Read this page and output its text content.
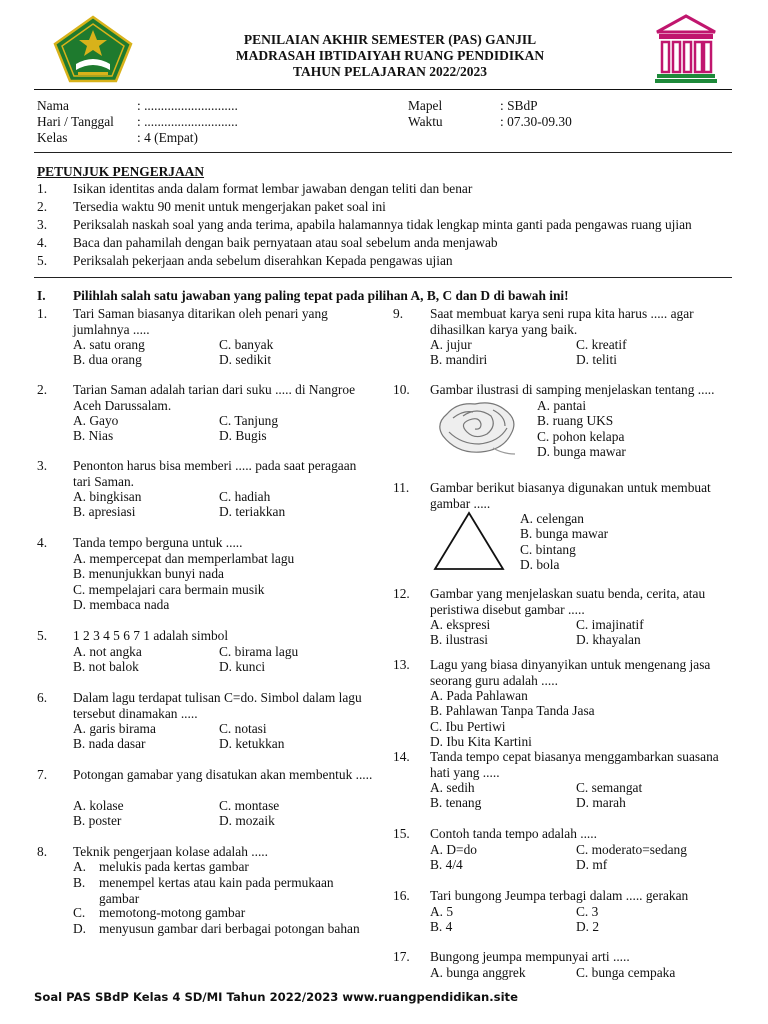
PENILAIAN AKHIR SEMESTER (PAS) GANJIL
MADRASAH IBTIDAIYAH RUANG PENDIDIKAN
TAHUN PELAJARAN 2022/2023
Nama	: ............................
Hari / Tanggal : ............................
Kelas	: 4 (Empat)
Mapel	: SBdP
Waktu	: 07.30-09.30
PETUNJUK PENGERJAAN
1. Isikan identitas anda dalam format lembar jawaban dengan teliti dan benar
2. Tersedia waktu 90 menit untuk mengerjakan paket soal ini
3. Periksalah naskah soal yang anda terima, apabila halamannya tidak lengkap minta ganti pada pengawas ruang ujian
4. Baca dan pahamilah dengan baik pernyataan atau soal sebelum anda menjawab
5. Periksalah pekerjaan anda sebelum diserahkan Kepada pengawas ujian
I. Pilihlah salah satu jawaban yang paling tepat pada pilihan A, B, C dan D di bawah ini!
1. Tari Saman biasanya ditarikan oleh penari yang jumlahnya .....
A. satu orang
B. dua orang
C. banyak
D. sedikit
2. Tarian Saman adalah tarian dari suku ..... di Nangroe Aceh Darussalam.
A. Gayo
B. Nias
C. Tanjung
D. Bugis
3. Penonton harus bisa memberi ..... pada saat peragaan tari Saman.
A. bingkisan
B. apresiasi
C. hadiah
D. teriakkan
4. Tanda tempo berguna untuk .....
A. mempercepat dan memperlambat lagu
B. menunjukkan bunyi nada
C. mempelajari cara bermain musik
D. membaca nada
5. 1 2 3 4 5 6 7 1 adalah simbol
A. not angka
B. not balok
C. birama lagu
D. kunci
6. Dalam lagu terdapat tulisan C=do. Simbol dalam lagu tersebut dinamakan .....
A. garis birama
B. nada dasar
C. notasi
D. ketukkan
7. Potongan gamabar yang disatukan akan membentuk .....
A. kolase
B. poster
C. montase
D. mozaik
8. Teknik pengerjaan kolase adalah .....
A. melukis pada kertas gambar
B. menempel kertas atau kain pada permukaan gambar
C. memotong-motong gambar
D. menyusun gambar dari berbagai potongan bahan
9. Saat membuat karya seni rupa kita harus ..... agar dihasilkan karya yang baik.
A. jujur
B. mandiri
C. kreatif
D. teliti
10. Gambar ilustrasi di samping menjelaskan tentang .....
A. pantai
B. ruang UKS
C. pohon kelapa
D. bunga mawar
11. Gambar berikut biasanya digunakan untuk membuat gambar .....
A. celengan
B. bunga mawar
C. bintang
D. bola
12. Gambar yang menjelaskan suatu benda, cerita, atau peristiwa disebut gambar .....
A. ekspresi
B. ilustrasi
C. imajinatif
D. khayalan
13. Lagu yang biasa dinyanyikan untuk mengenang jasa seorang guru adalah .....
A. Pada Pahlawan
B. Pahlawan Tanpa Tanda Jasa
C. Ibu Pertiwi
D. Ibu Kita Kartini
14. Tanda tempo cepat biasanya menggambarkan suasana hati yang .....
A. sedih
B. tenang
C. semangat
D. marah
15. Contoh tanda tempo adalah .....
A. D=do
B. 4/4
C. moderato=sedang
D. mf
16. Tari bungong Jeumpa terbagi dalam ..... gerakan
A. 5
B. 4
C. 3
D. 2
17. Bungong jeumpa mempunyai arti .....
A. bunga anggrek	C. bunga cempaka
Soal PAS SBdP Kelas 4 SD/MI Tahun 2022/2023 www.ruangpendidikan.site
